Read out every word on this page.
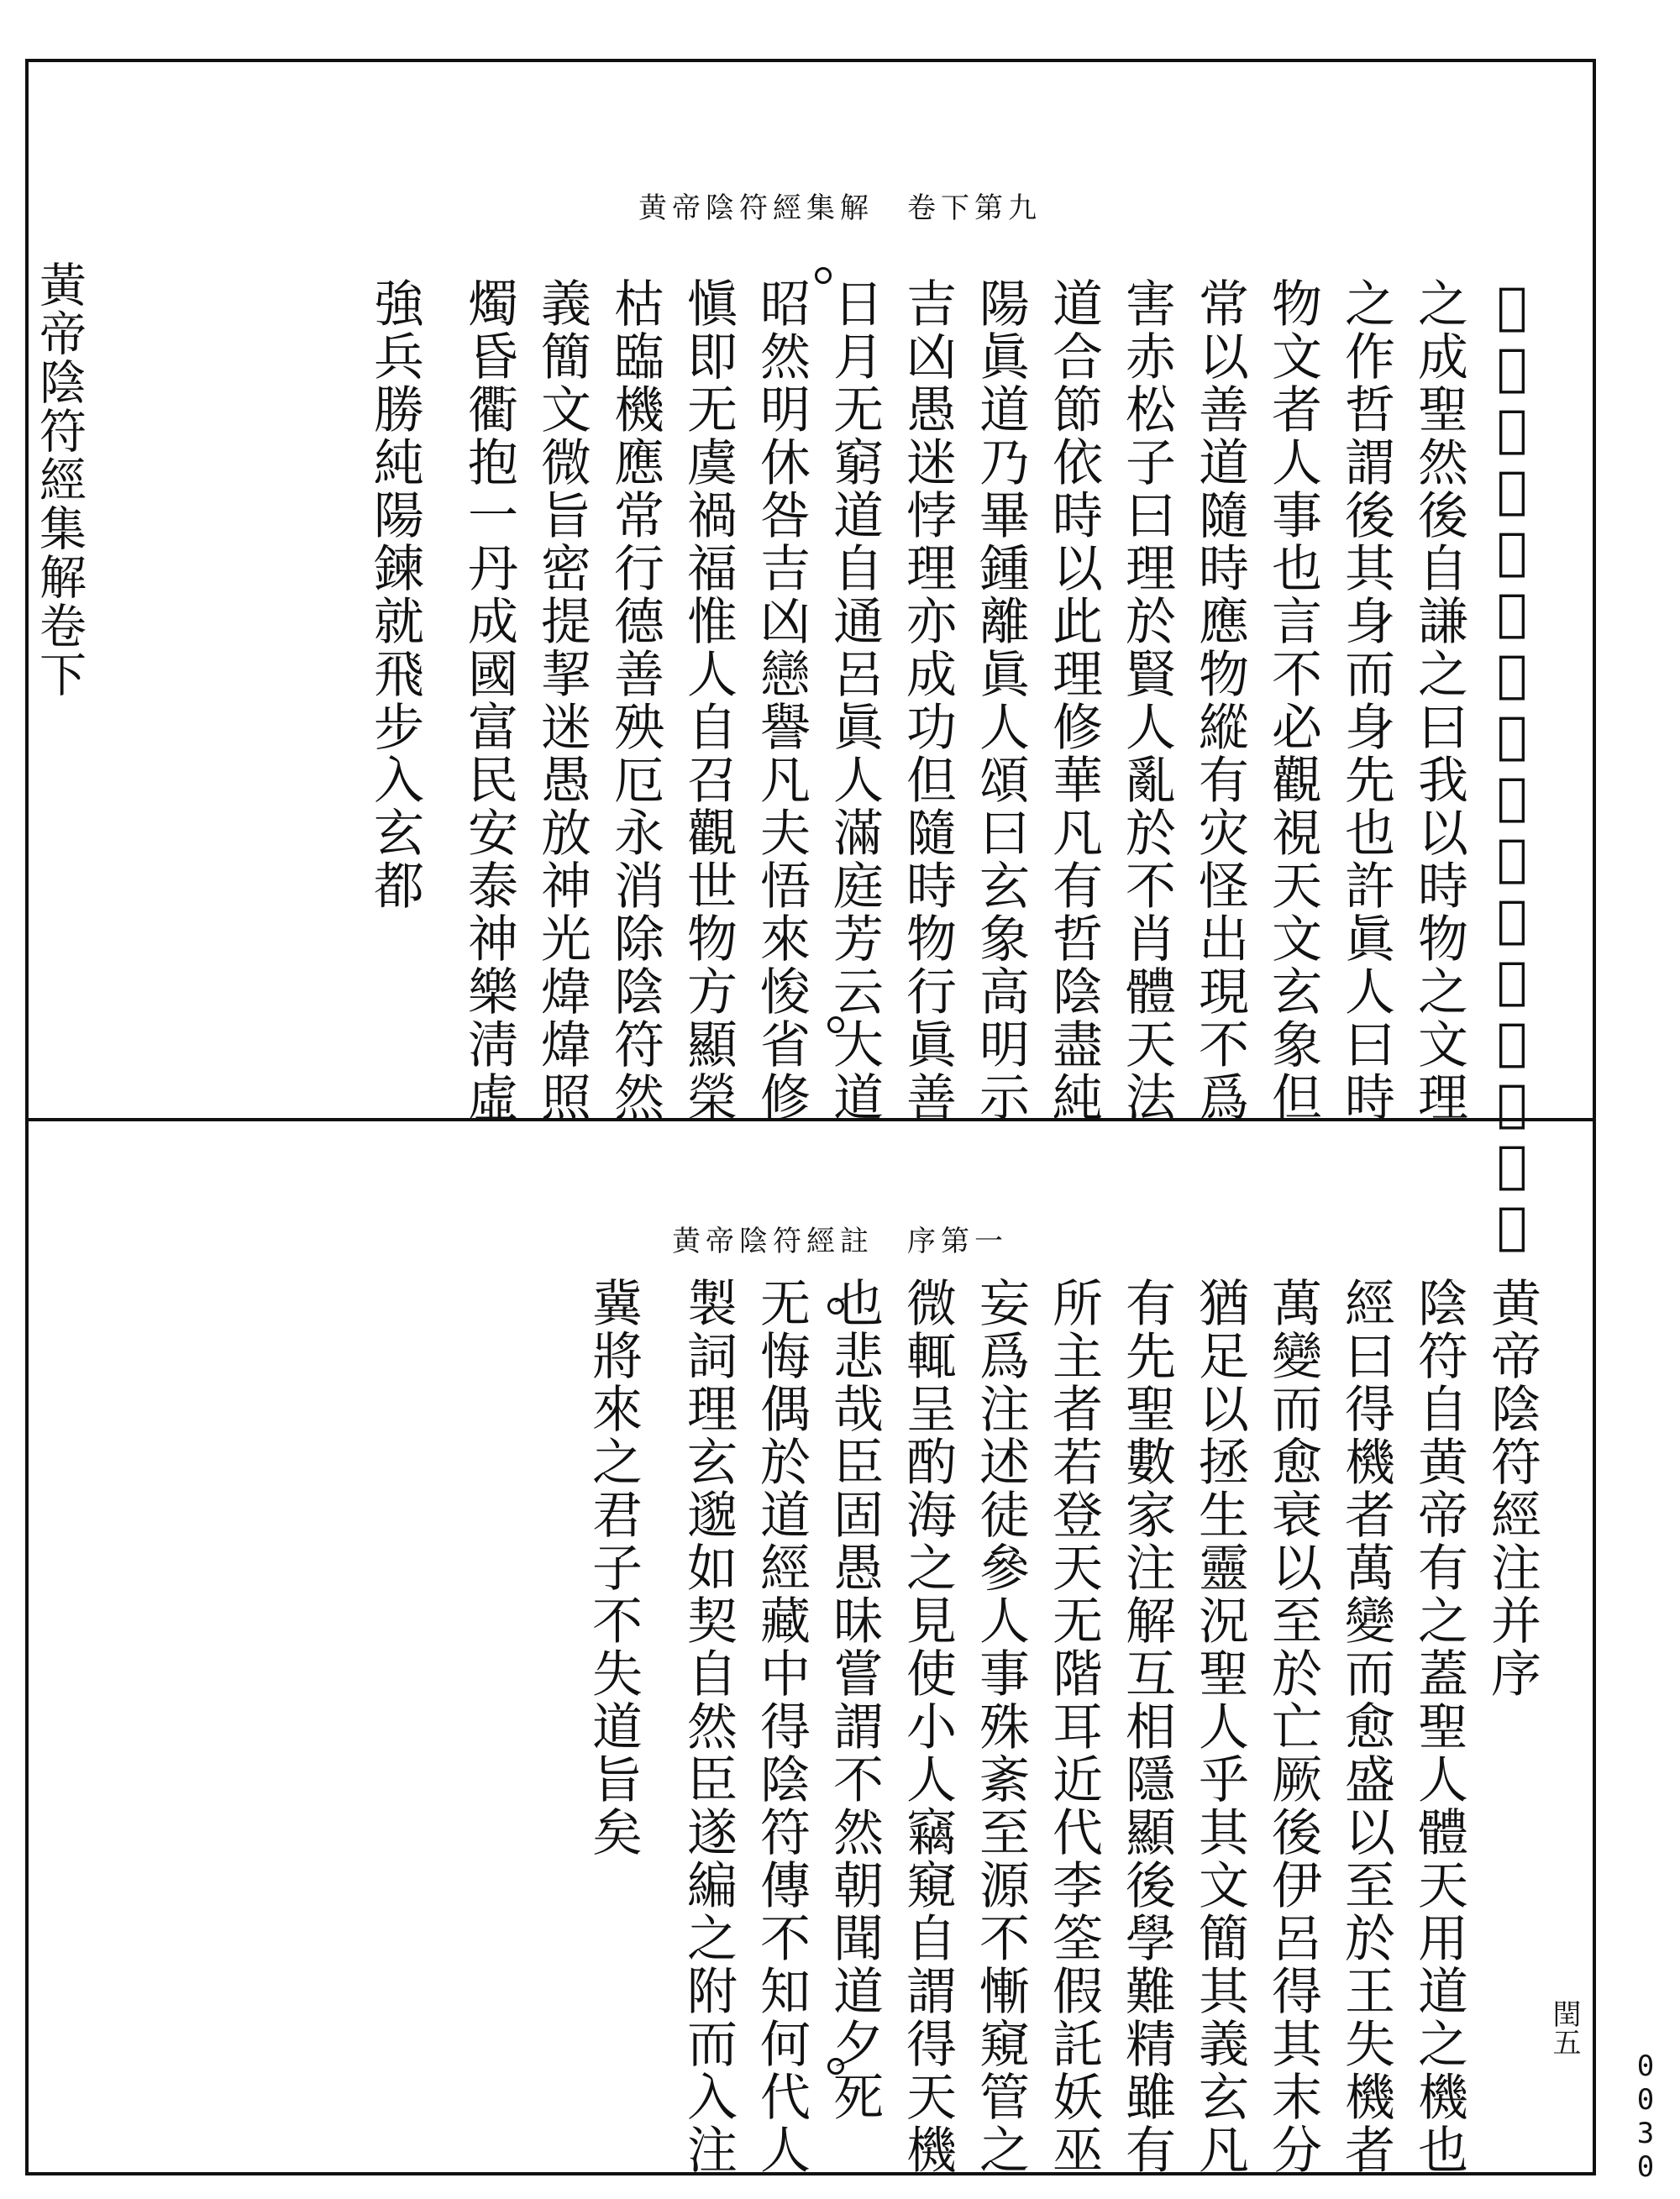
黃帝陰符經集解卷下

黄帝陰符經集解　卷下第九

𩦘氏製陰符將畢先舉愚人用天地文理

之成聖然後自謙之曰我以時物之文理

之作哲謂後其身而身先也許眞人曰時

物文者人事也言不必觀視天文玄象但

常以善道隨時應物縱有灾怪出現不爲

害赤松子曰理於賢人亂於不肖體天法

道合節依時以此理修華凡有哲陰盡純

陽眞道乃畢鍾離眞人頌曰玄象高明示

吉凶愚迷悖理亦成功但隨時物行眞善

日月无窮道自通呂眞人滿庭芳云大道

昭然明休咎吉凶戀譽凡夫悟來悛省修

愼即无虞禍福惟人自召觀世物方顯榮

枯臨機應常行德善殃厄永消除陰符然

義簡文微旨密提挈迷愚放神光煒煒照

燭昏衢抱一丹成國富民安泰神樂淸虛

強兵勝純陽鍊就飛步入玄都

黄帝陰符經註　序第一

黄帝陰符經注并序

陰符自黄帝有之蓋聖人體天用道之機也

經曰得機者萬變而愈盛以至於王失機者

萬變而愈衰以至於亡厥後伊呂得其末分

猶足以拯生靈況聖人乎其文簡其義玄凡

有先聖數家注解互相隱顯後學難精雖有

所主者若登天无階耳近代李筌假託妖巫

妄爲注述徒參人事殊紊至源不慚窺管之

微輒呈酌海之見使小人竊窺自謂得天機

也悲哉臣固愚昧嘗謂不然朝聞道夕死

无悔偶於道經藏中得陰符傳不知何代人

製詞理玄邈如契自然臣遂編之附而入注

冀將來之君子不失道旨矣

閏五
0030
